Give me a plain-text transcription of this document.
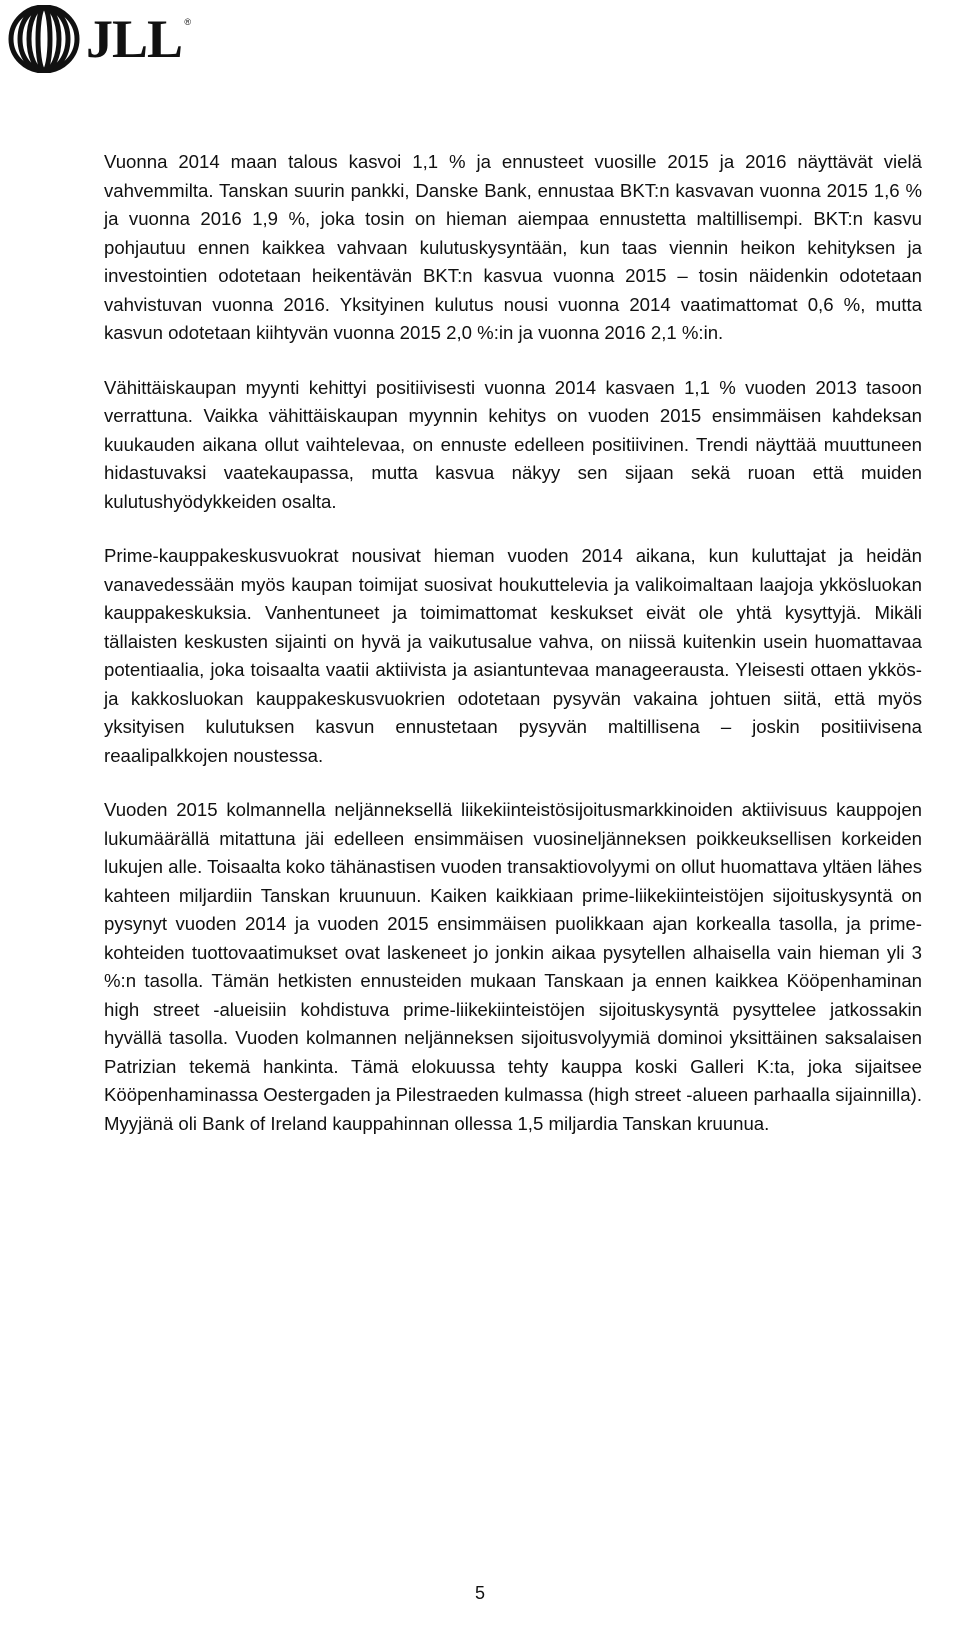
JLL ®

Vuonna 2014 maan talous kasvoi 1,1 % ja ennusteet vuosille 2015 ja 2016 näyttävät vielä vahvemmilta. Tanskan suurin pankki, Danske Bank, ennustaa BKT:n kasvavan vuonna 2015 1,6 % ja vuonna 2016 1,9 %, joka tosin on hieman aiempaa ennustetta maltillisempi. BKT:n kasvu pohjautuu ennen kaikkea vahvaan kulutuskysyntään, kun taas viennin heikon kehityksen ja investointien odotetaan heikentävän BKT:n kasvua vuonna 2015 – tosin näidenkin odotetaan vahvistuvan vuonna 2016. Yksityinen kulutus nousi vuonna 2014 vaatimattomat 0,6 %, mutta kasvun odotetaan kiihtyvän vuonna 2015 2,0 %:in ja vuonna 2016 2,1 %:in.

Vähittäiskaupan myynti kehittyi positiivisesti vuonna 2014 kasvaen 1,1 % vuoden 2013 tasoon verrattuna. Vaikka vähittäiskaupan myynnin kehitys on vuoden 2015 ensimmäisen kahdeksan kuukauden aikana ollut vaihtelevaa, on ennuste edelleen positiivinen. Trendi näyttää muuttuneen hidastuvaksi vaatekaupassa, mutta kasvua näkyy sen sijaan sekä ruoan että muiden kulutushyödykkeiden osalta.

Prime-kauppakeskusvuokrat nousivat hieman vuoden 2014 aikana, kun kuluttajat ja heidän vanavedessään myös kaupan toimijat suosivat houkuttelevia ja valikoimaltaan laajoja ykkösluokan kauppakeskuksia. Vanhentuneet ja toimimattomat keskukset eivät ole yhtä kysyttyjä. Mikäli tällaisten keskusten sijainti on hyvä ja vaikutusalue vahva, on niissä kuitenkin usein huomattavaa potentiaalia, joka toisaalta vaatii aktiivista ja asiantuntevaa manageerausta. Yleisesti ottaen ykkös- ja kakkosluokan kauppakeskusvuokrien odotetaan pysyvän vakaina johtuen siitä, että myös yksityisen kulutuksen kasvun ennustetaan pysyvän maltillisena – joskin positiivisena reaalipalkkojen noustessa.

Vuoden 2015 kolmannella neljänneksellä liikekiinteistösijoitusmarkkinoiden aktiivisuus kauppojen lukumäärällä mitattuna jäi edelleen ensimmäisen vuosineljänneksen poikkeuksellisen korkeiden lukujen alle. Toisaalta koko tähänastisen vuoden transaktiovolyymi on ollut huomattava yltäen lähes kahteen miljardiin Tanskan kruunuun. Kaiken kaikkiaan prime-liikekiinteistöjen sijoituskysyntä on pysynyt vuoden 2014 ja vuoden 2015 ensimmäisen puolikkaan ajan korkealla tasolla, ja prime-kohteiden tuottovaatimukset ovat laskeneet jo jonkin aikaa pysytellen alhaisella vain hieman yli 3 %:n tasolla. Tämän hetkisten ennusteiden mukaan Tanskaan ja ennen kaikkea Kööpenhaminan high street -alueisiin kohdistuva prime-liikekiinteistöjen sijoituskysyntä pysyttelee jatkossakin hyvällä tasolla. Vuoden kolmannen neljänneksen sijoitusvolyymiä dominoi yksittäinen saksalaisen Patrizian tekemä hankinta. Tämä elokuussa tehty kauppa koski Galleri K:ta, joka sijaitsee Kööpenhaminassa Oestergaden ja Pilestraeden kulmassa (high street -alueen parhaalla sijainnilla). Myyjänä oli Bank of Ireland kauppahinnan ollessa 1,5 miljardia Tanskan kruunua.

5
